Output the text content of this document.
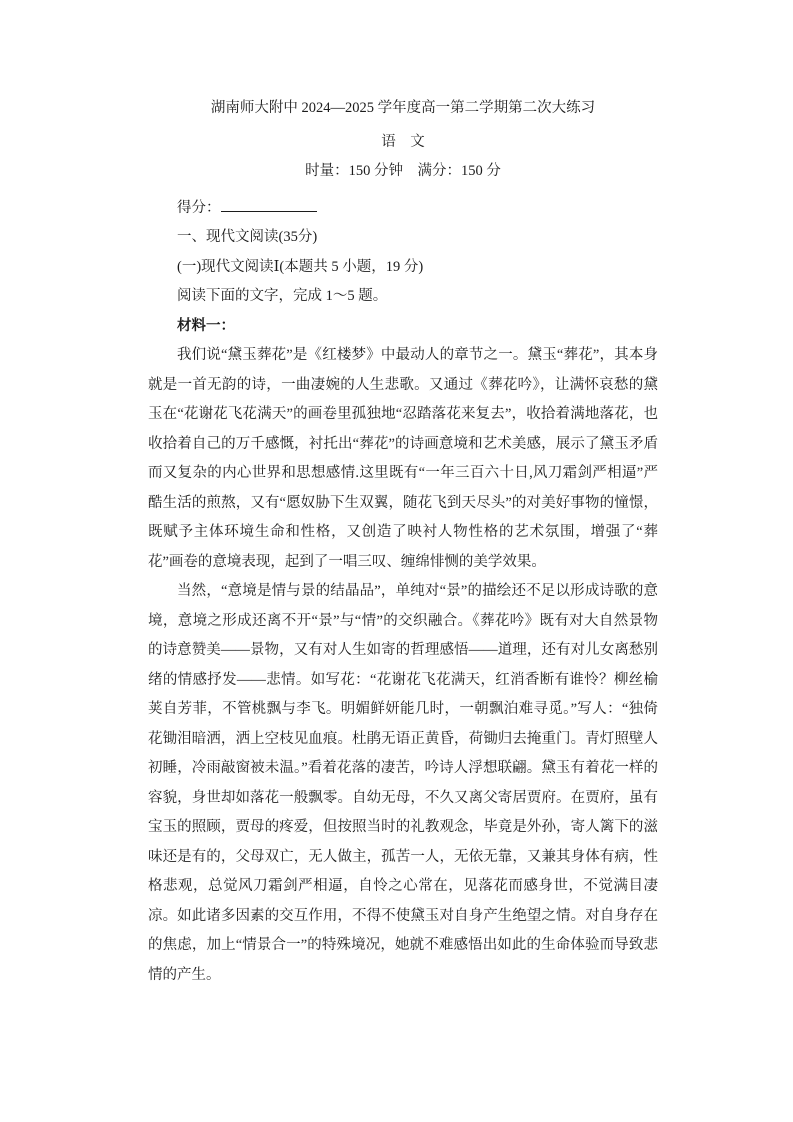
湖南师大附中 2024—2025 学年度高一第二学期第二次大练习
语　文
时量：150 分钟　满分：150 分
得分：
一、现代文阅读(35分)
(一)现代文阅读Ⅰ(本题共 5 小题，19 分)
阅读下面的文字，完成 1～5 题。
材料一：

我们说“黛玉葬花”是《红楼梦》中最动人的章节之一。黛玉“葬花”，其本身就是一首无韵的诗，一曲凄婉的人生悲歌。又通过《葬花吟》，让满怀哀愁的黛玉在“花谢花飞花满天”的画卷里孤独地“忍踏落花来复去”，收拾着满地落花，也收拾着自己的万千感慨，衬托出“葬花”的诗画意境和艺术美感，展示了黛玉矛盾而又复杂的内心世界和思想感情.这里既有“一年三百六十日,风刀霜剑严相逼”严酷生活的煎熬，又有“愿奴胁下生双翼，随花飞到天尽头”的对美好事物的憧憬，既赋予主体环境生命和性格，又创造了映衬人物性格的艺术氛围，增强了“葬花”画卷的意境表现，起到了一唱三叹、缠绵悱恻的美学效果。

当然，“意境是情与景的结晶品”，单纯对“景”的描绘还不足以形成诗歌的意境，意境之形成还离不开“景”与“情”的交织融合。《葬花吟》既有对大自然景物的诗意赞美——景物，又有对人生如寄的哲理感悟——道理，还有对儿女离愁别绪的情感抒发——悲情。如写花：“花谢花飞花满天，红消香断有谁怜？柳丝榆荚自芳菲，不管桃飘与李飞。明媚鲜妍能几时，一朝飘泊难寻觅。”写人：“独倚花锄泪暗洒，洒上空枝见血痕。杜鹃无语正黄昏，荷锄归去掩重门。青灯照壁人初睡，冷雨敲窗被未温。”看着花落的凄苦，吟诗人浮想联翩。黛玉有着花一样的容貌，身世却如落花一般飘零。自幼无母，不久又离父寄居贾府。在贾府，虽有宝玉的照顾，贾母的疼爱，但按照当时的礼教观念，毕竟是外孙，寄人篱下的滋味还是有的，父母双亡，无人做主，孤苦一人，无依无靠，又兼其身体有病，性格悲观，总觉风刀霜剑严相逼，自怜之心常在，见落花而感身世，不觉满目凄凉。如此诸多因素的交互作用，不得不使黛玉对自身产生绝望之情。对自身存在的焦虑，加上“情景合一”的特殊境况，她就不难感悟出如此的生命体验而导致悲情的产生。
